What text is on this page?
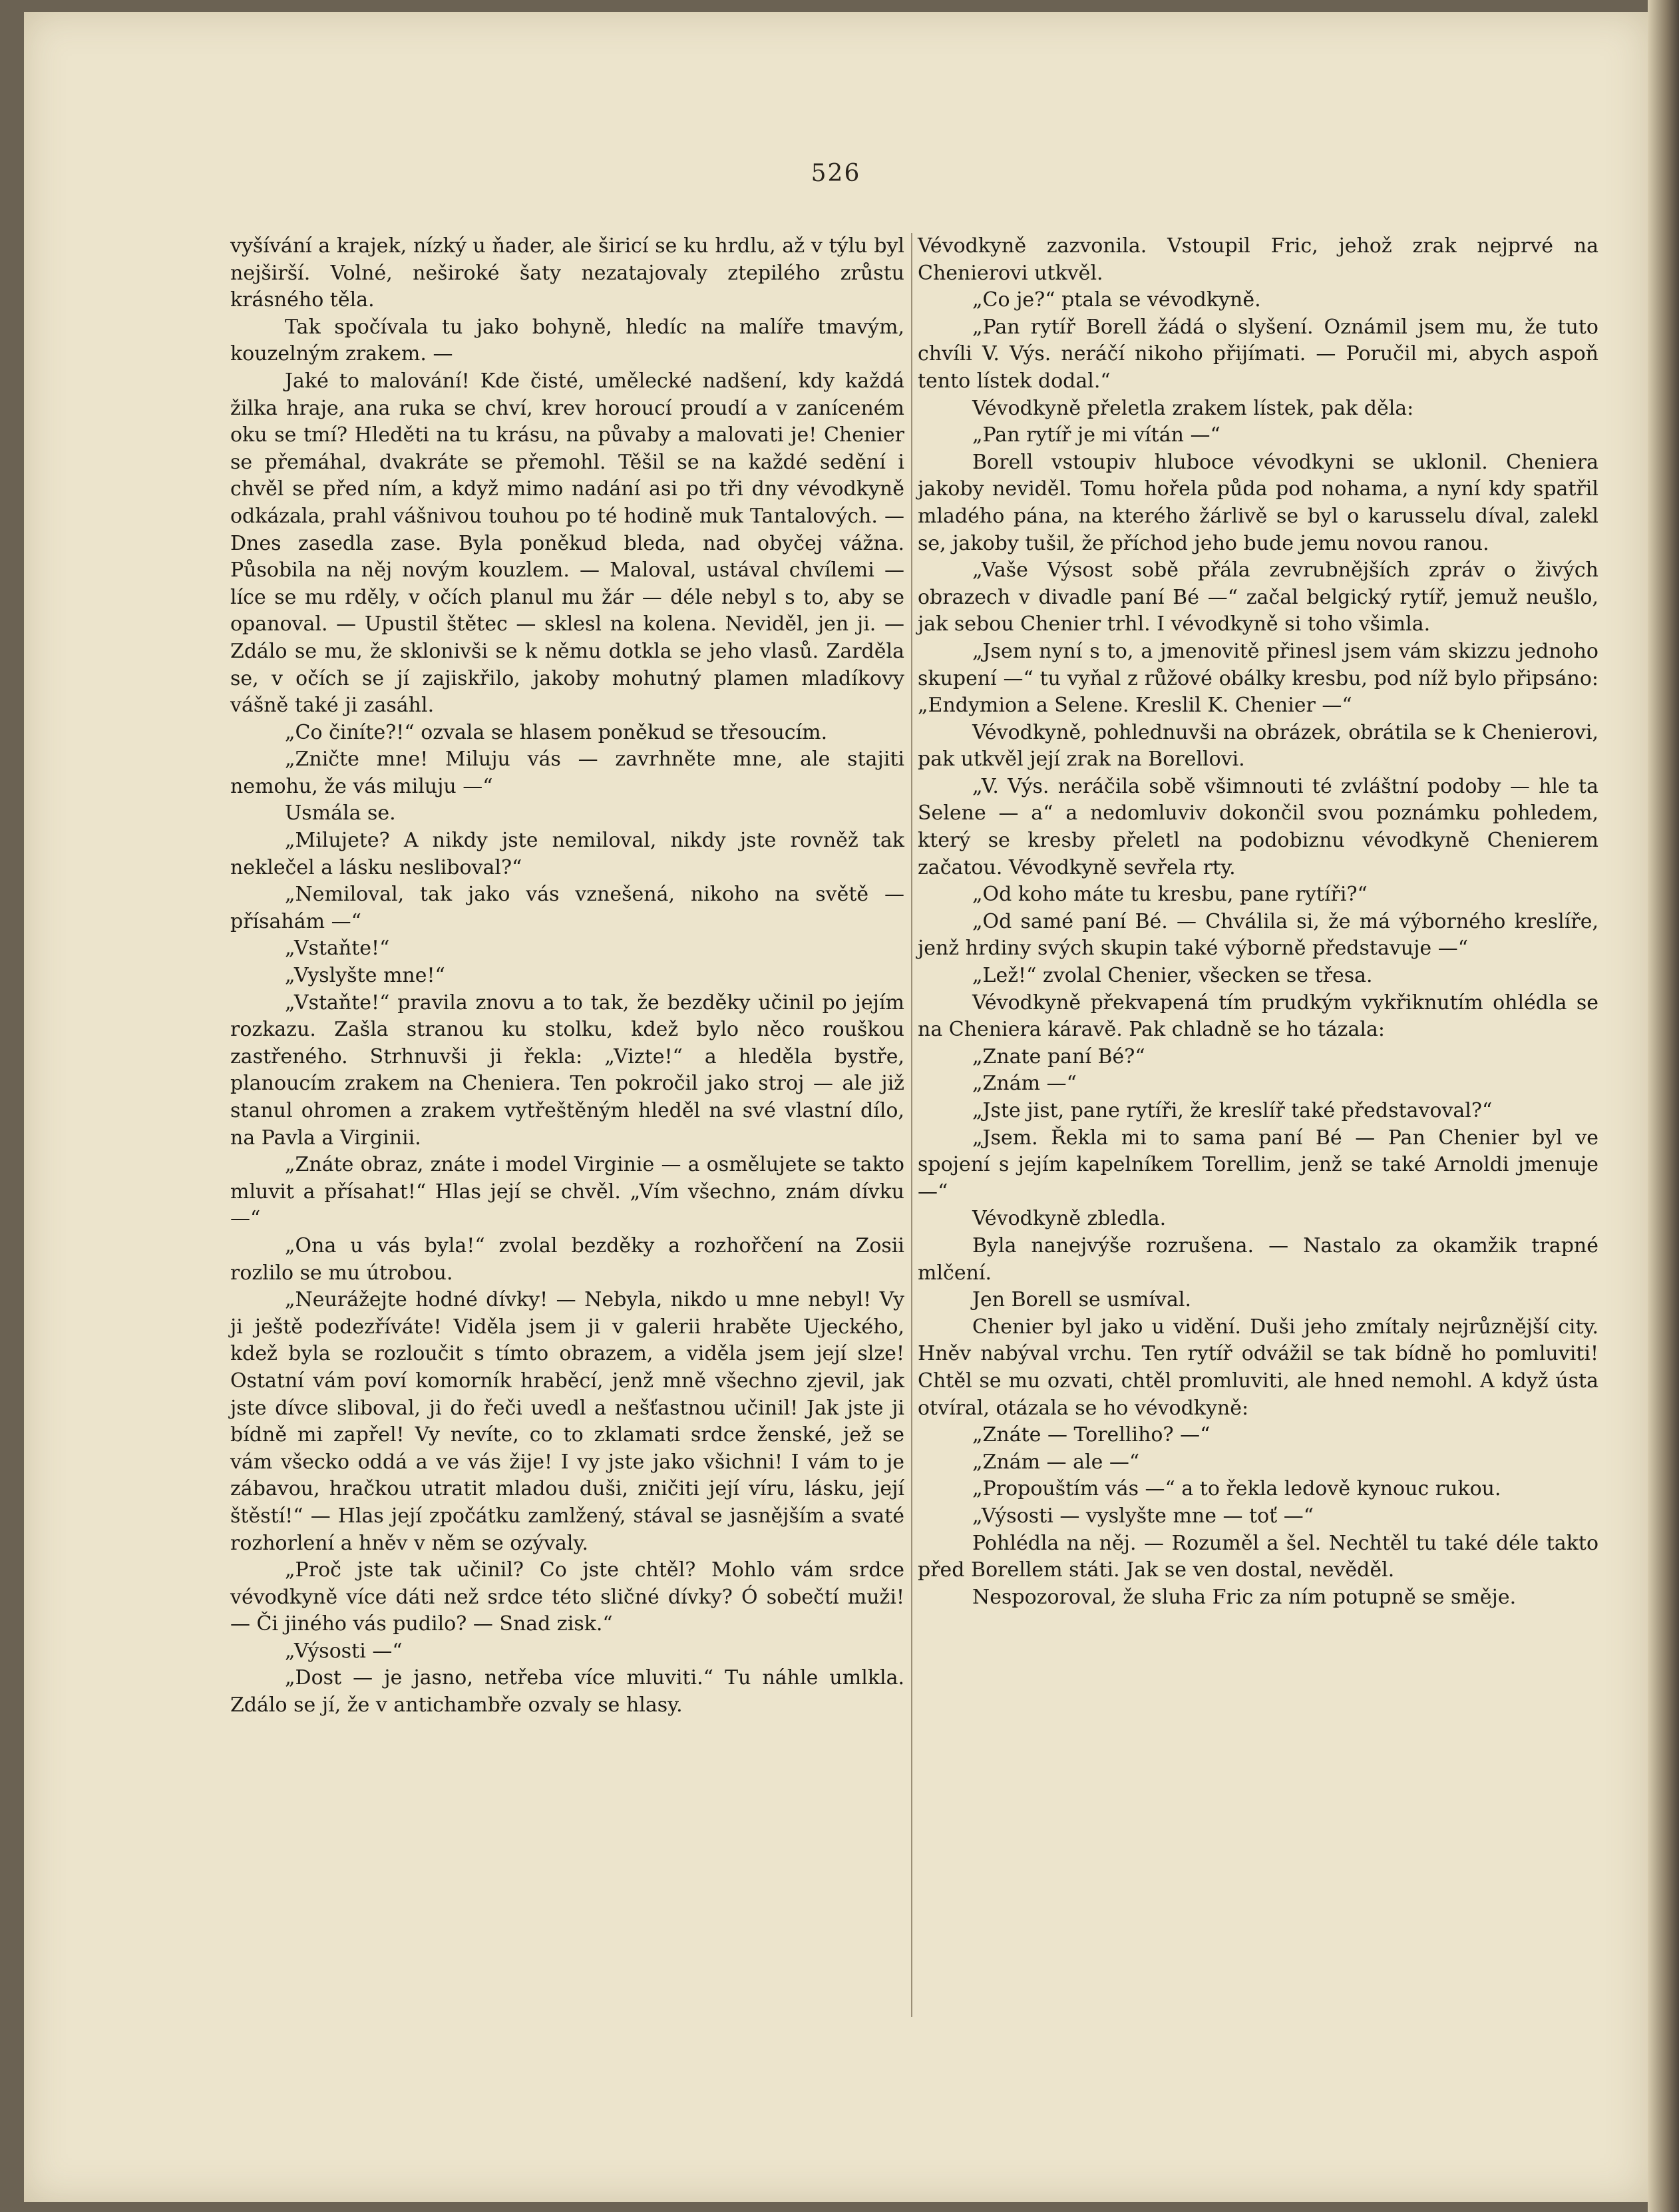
526

vyšívání a krajek, nízký u ňader, ale širicí se ku hrdlu, až v týlu byl nejširší. Volné, neširoké šaty nezatajovaly ztepilého zrůstu krásného těla.

Tak spočívala tu jako bohyně, hledíc na malíře tmavým, kouzelným zrakem. —

Jaké to malování! Kde čisté, umělecké nadšení, kdy každá žilka hraje, ana ruka se chví, krev horoucí proudí a v zaníceném oku se tmí? Hleděti na tu krásu, na půvaby a malovati je! Chenier se přemáhal, dvakráte se přemohl. Těšil se na každé sedění i chvěl se před ním, a když mimo nadání asi po tři dny vévodkyně odkázala, prahl vášnivou touhou po té hodině muk Tantalových. — Dnes zasedla zase. Byla poněkud bleda, nad obyčej vážna. Působila na něj novým kouzlem. — Maloval, ustával chvílemi — líce se mu rděly, v očích planul mu žár — déle nebyl s to, aby se opanoval. — Upustil štětec — sklesl na kolena. Neviděl, jen ji. — Zdálo se mu, že sklonivši se k němu dotkla se jeho vlasů. Zarděla se, v očích se jí zajiskřilo, jakoby mohutný plamen mladíkovy vášně také ji zasáhl.

„Co činíte?!“ ozvala se hlasem poněkud se třesoucím.

„Zničte mne! Miluju vás — zavrhněte mne, ale stajiti nemohu, že vás miluju —“

Usmála se.

„Milujete? A nikdy jste nemiloval, nikdy jste rovněž tak neklečel a lásku nesliboval?“

„Nemiloval, tak jako vás vznešená, nikoho na světě — přísahám —“

„Vstaňte!“

„Vyslyšte mne!“

„Vstaňte!“ pravila znovu a to tak, že bezděky učinil po jejím rozkazu. Zašla stranou ku stolku, kdež bylo něco rouškou zastřeného. Strhnuvši ji řekla: „Vizte!“ a hleděla bystře, planoucím zrakem na Cheniera. Ten pokročil jako stroj — ale již stanul ohromen a zrakem vytřeštěným hleděl na své vlastní dílo, na Pavla a Virginii.

„Znáte obraz, znáte i model Virginie — a osmělujete se takto mluvit a přísahat!“ Hlas její se chvěl. „Vím všechno, znám dívku —“

„Ona u vás byla!“ zvolal bezděky a rozhořčení na Zosii rozlilo se mu útrobou.

„Neurážejte hodné dívky! — Nebyla, nikdo u mne nebyl! Vy ji ještě podezříváte! Viděla jsem ji v galerii hraběte Ujeckého, kdež byla se rozloučit s tímto obrazem, a viděla jsem její slze! Ostatní vám poví komorník hraběcí, jenž mně všechno zjevil, jak jste dívce sliboval, ji do řeči uvedl a nešťastnou učinil! Jak jste ji bídně mi zapřel! Vy nevíte, co to zklamati srdce ženské, jež se vám všecko oddá a ve vás žije! I vy jste jako všichni! I vám to je zábavou, hračkou utratit mladou duši, zničiti její víru, lásku, její štěstí!“ — Hlas její zpočátku zamlžený, stával se jasnějším a svaté rozhorlení a hněv v něm se ozývaly.

„Proč jste tak učinil? Co jste chtěl? Mohlo vám srdce vévodkyně více dáti než srdce této sličné dívky? Ó sobečtí muži! — Či jiného vás pudilo? — Snad zisk.“

„Výsosti —“

„Dost — je jasno, netřeba více mluviti.“ Tu náhle umlkla. Zdálo se jí, že v antichambře ozvaly se hlasy.

Vévodkyně zazvonila. Vstoupil Fric, jehož zrak nejprvé na Chenierovi utkvěl.

„Co je?“ ptala se vévodkyně.

„Pan rytíř Borell žádá o slyšení. Oznámil jsem mu, že tuto chvíli V. Výs. neráčí nikoho přijímati. — Poručil mi, abych aspoň tento lístek dodal.“

Vévodkyně přeletla zrakem lístek, pak děla:

„Pan rytíř je mi vítán —“

Borell vstoupiv hluboce vévodkyni se uklonil. Cheniera jakoby neviděl. Tomu hořela půda pod nohama, a nyní kdy spatřil mladého pána, na kterého žárlivě se byl o karusselu díval, zalekl se, jakoby tušil, že příchod jeho bude jemu novou ranou.

„Vaše Výsost sobě přála zevrubnějších zpráv o živých obrazech v divadle paní Bé —“ začal belgický rytíř, jemuž neušlo, jak sebou Chenier trhl. I vévodkyně si toho všimla.

„Jsem nyní s to, a jmenovitě přinesl jsem vám skizzu jednoho skupení —“ tu vyňal z růžové obálky kresbu, pod níž bylo připsáno: „Endymion a Selene. Kreslil K. Chenier —“

Vévodkyně, pohlednuvši na obrázek, obrátila se k Chenierovi, pak utkvěl její zrak na Borellovi.

„V. Výs. neráčila sobě všimnouti té zvláštní podoby — hle ta Selene — a“ a nedomluviv dokončil svou poznámku pohledem, který se kresby přeletl na podobiznu vévodkyně Chenierem začatou. Vévodkyně sevřela rty.

„Od koho máte tu kresbu, pane rytíři?“

„Od samé paní Bé. — Chválila si, že má výborného kreslíře, jenž hrdiny svých skupin také výborně představuje —“

„Lež!“ zvolal Chenier, všecken se třesa.

Vévodkyně překvapená tím prudkým vykřiknutím ohlédla se na Cheniera káravě. Pak chladně se ho tázala:

„Znate paní Bé?“

„Znám —“

„Jste jist, pane rytíři, že kreslíř také představoval?“

„Jsem. Řekla mi to sama paní Bé — Pan Chenier byl ve spojení s jejím kapelníkem Torellim, jenž se také Arnoldi jmenuje —“

Vévodkyně zbledla.

Byla nanejvýše rozrušena. — Nastalo za okamžik trapné mlčení.

Jen Borell se usmíval.

Chenier byl jako u vidění. Duši jeho zmítaly nejrůznější city. Hněv nabýval vrchu. Ten rytíř odvážil se tak bídně ho pomluviti! Chtěl se mu ozvati, chtěl promluviti, ale hned nemohl. A když ústa otvíral, otázala se ho vévodkyně:

„Znáte — Torelliho? —“

„Znám — ale —“

„Propouštím vás —“ a to řekla ledově kynouc rukou.

„Výsosti — vyslyšte mne — toť —“

Pohlédla na něj. — Rozuměl a šel. Nechtěl tu také déle takto před Borellem státi. Jak se ven dostal, nevěděl.

Nespozoroval, že sluha Fric za ním potupně se směje.
